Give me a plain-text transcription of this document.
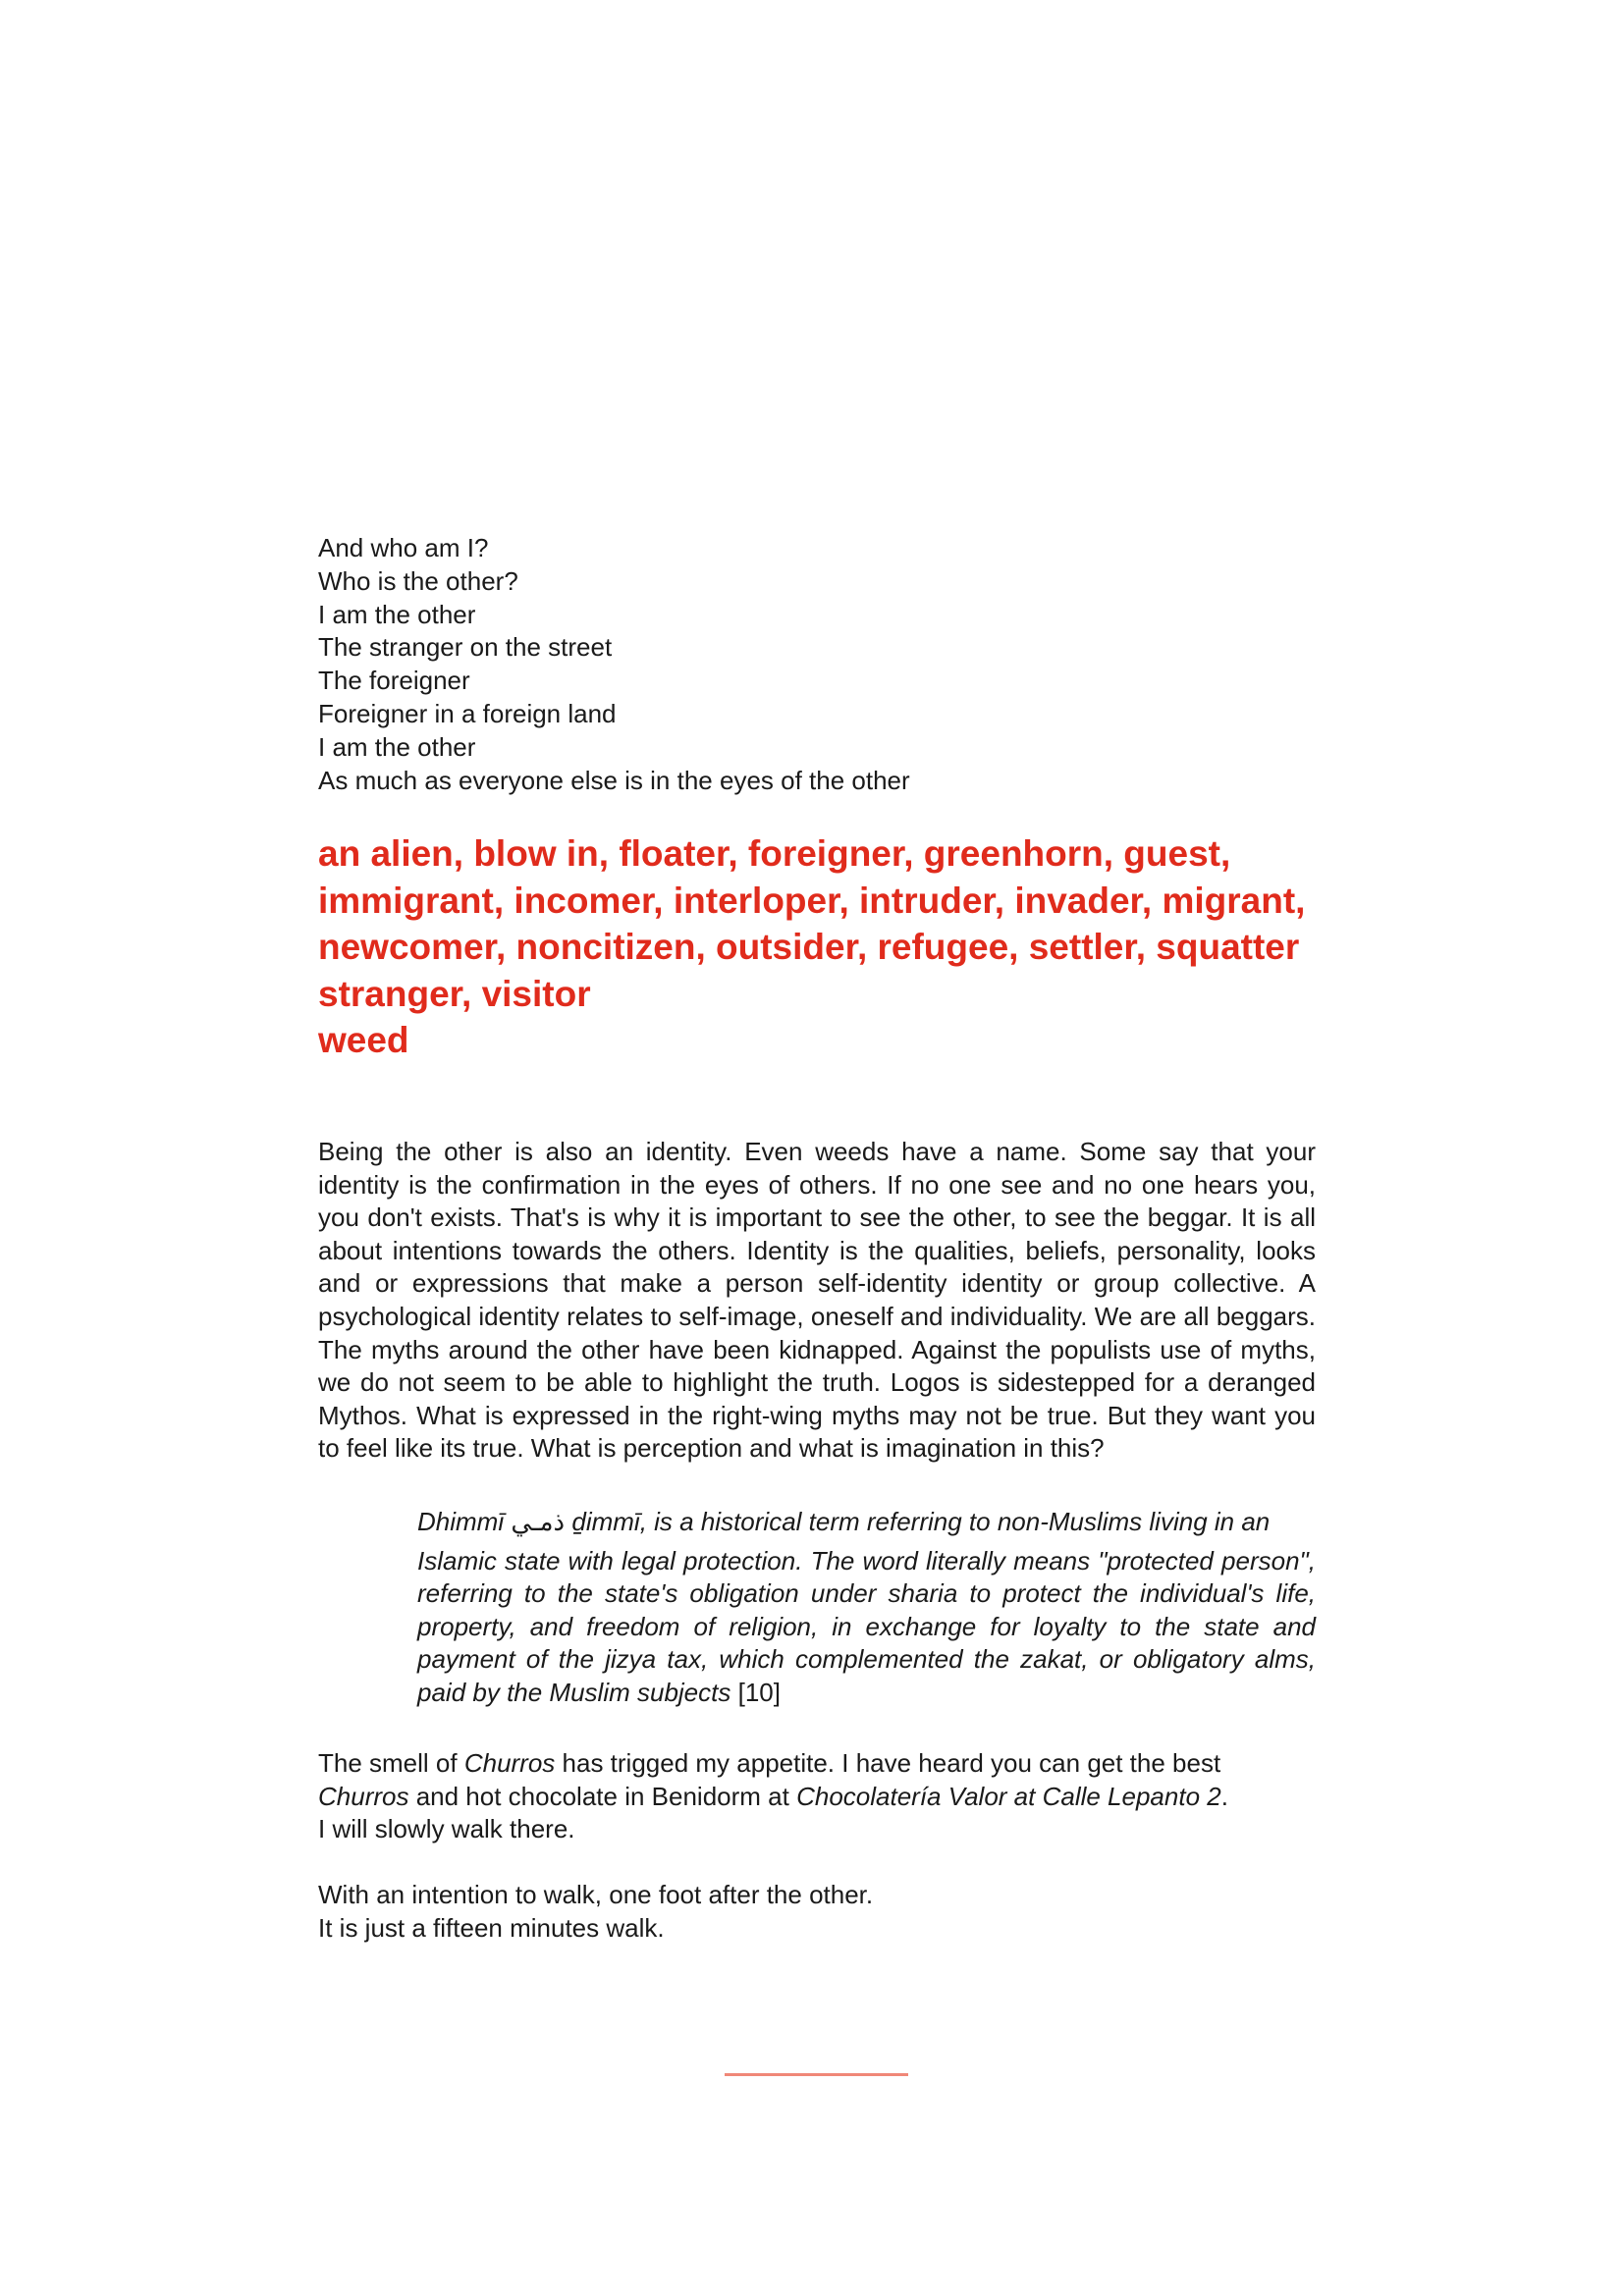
And who am I?
Who is the other?
I am the other
The stranger on the street
The foreigner
Foreigner in a foreign land
I am the other
As much as everyone else is in the eyes of the other
an alien, blow in, floater, foreigner, greenhorn, guest,
immigrant, incomer, interloper, intruder, invader, migrant,
newcomer, noncitizen, outsider, refugee, settler, squatter
stranger, visitor
weed

Being the other is also an identity. Even weeds have a name. Some say that your identity is the confirmation in the eyes of others. If no one see and no one hears you, you don't exists. That's is why it is important to see the other, to see the beggar. It is all about intentions towards the others. Identity is the qualities, beliefs, personality, looks and or expressions that make a person self-identity identity or group collective. A psychological identity relates to self-image, oneself and individuality. We are all beggars. The myths around the other have been kidnapped. Against the populists use of myths, we do not seem to be able to highlight the truth. Logos is sidestepped for a deranged Mythos. What is expressed in the right-wing myths may not be true. But they want you to feel like its true. What is perception and what is imagination in this?

Dhimmī ذمـي ḏimmī, is a historical term referring to non-Muslims living in an
Islamic state with legal protection. The word literally means "protected person", referring to the state's obligation under sharia to protect the individual's life, property, and freedom of religion, in exchange for loyalty to the state and payment of the jizya tax, which complemented the zakat, or obligatory alms, paid by the Muslim subjects [10]
The smell of Churros has trigged my appetite. I have heard you can get the best
Churros and hot chocolate in Benidorm at Chocolatería Valor at Calle Lepanto 2.
I will slowly walk there.
With an intention to walk, one foot after the other.
It is just a fifteen minutes walk.
